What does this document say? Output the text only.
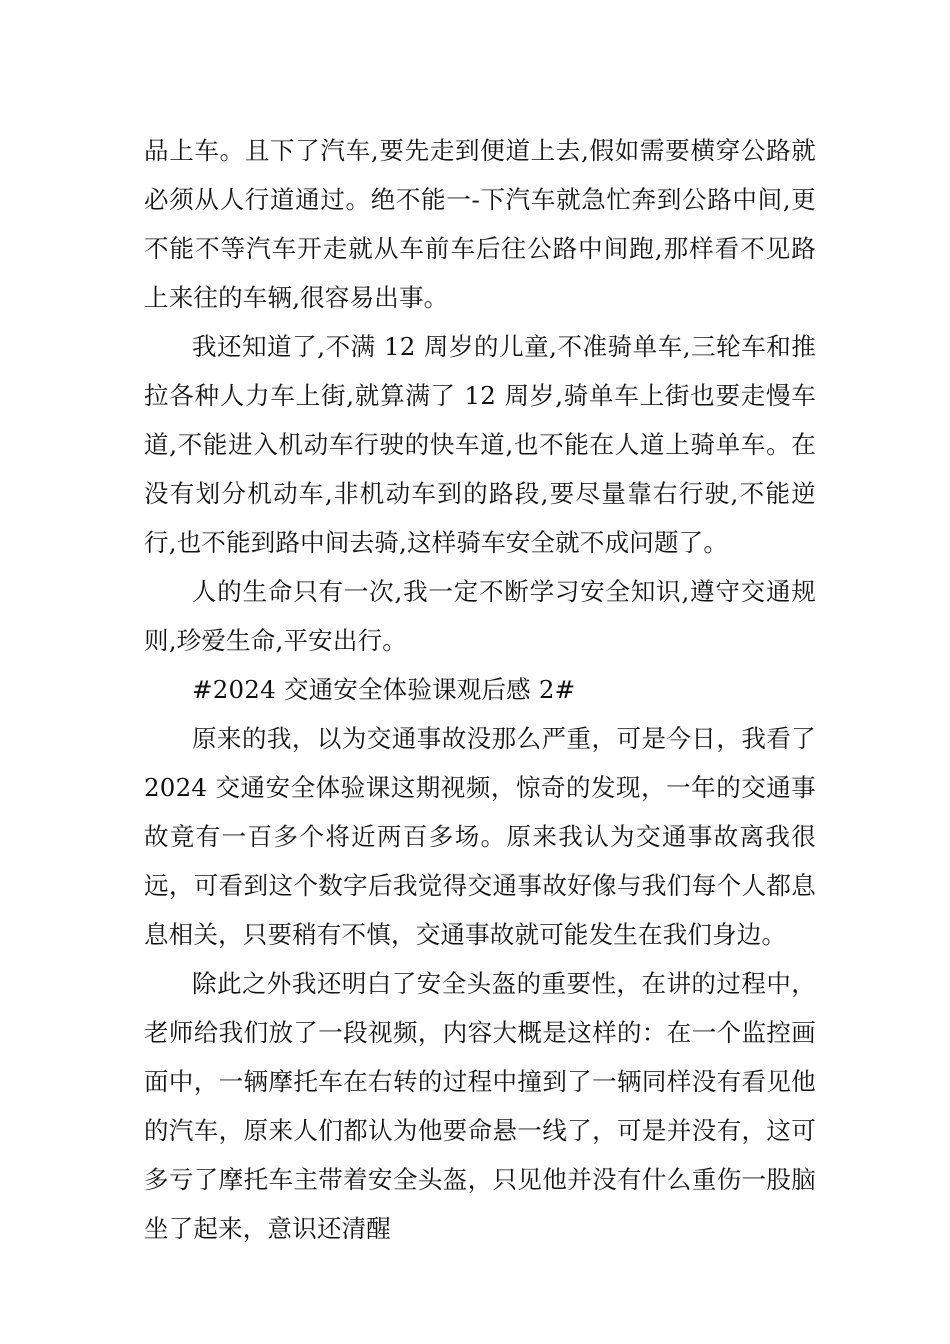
品上车。且下了汽车,要先走到便道上去,假如需要横穿公路就必须从人行道通过。绝不能一-下汽车就急忙奔到公路中间,更不能不等汽车开走就从车前车后往公路中间跑,那样看不见路上来往的车辆,很容易出事。

我还知道了,不满 12 周岁的儿童,不准骑单车,三轮车和推拉各种人力车上街,就算满了 12 周岁,骑单车上街也要走慢车道,不能进入机动车行驶的快车道,也不能在人道上骑单车。在没有划分机动车,非机动车到的路段,要尽量靠右行驶,不能逆行,也不能到路中间去骑,这样骑车安全就不成问题了。

人的生命只有一次,我一定不断学习安全知识,遵守交通规则,珍爱生命,平安出行。

#2024 交通安全体验课观后感 2#

原来的我，以为交通事故没那么严重，可是今日，我看了 2024 交通安全体验课这期视频，惊奇的发现，一年的交通事故竟有一百多个将近两百多场。原来我认为交通事故离我很远，可看到这个数字后我觉得交通事故好像与我们每个人都息息相关，只要稍有不慎，交通事故就可能发生在我们身边。

除此之外我还明白了安全头盔的重要性，在讲的过程中，老师给我们放了一段视频，内容大概是这样的：在一个监控画面中，一辆摩托车在右转的过程中撞到了一辆同样没有看见他的汽车，原来人们都认为他要命悬一线了，可是并没有，这可多亏了摩托车主带着安全头盔，只见他并没有什么重伤一股脑坐了起来，意识还清醒
